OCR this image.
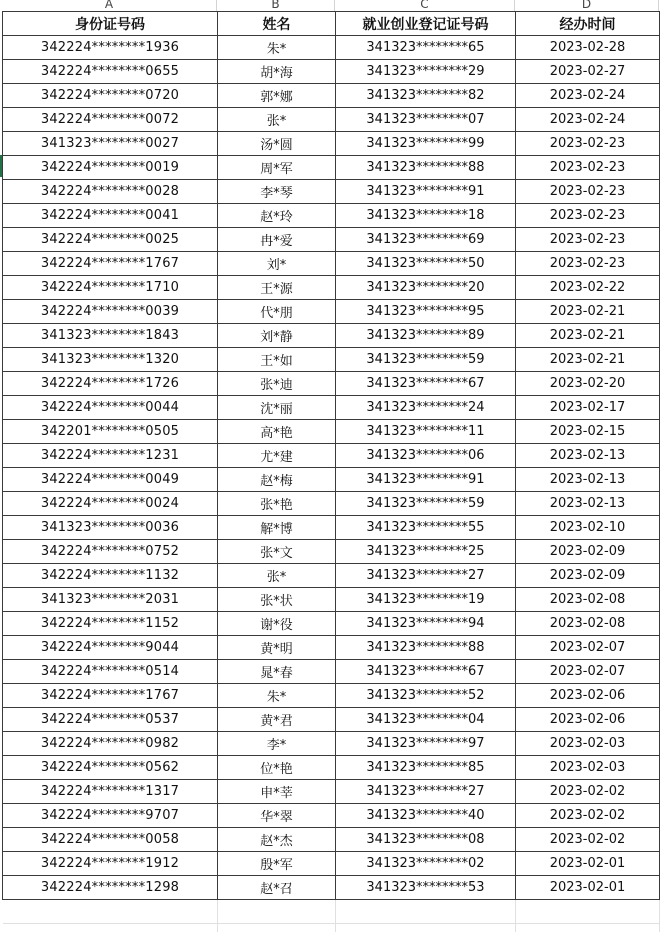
A	B	C	D
身份证号码	姓名	就业创业登记证号码	经办时间
342224********1936	朱*	341323********65	2023-02-28
342224********0655	胡*海	341323********29	2023-02-27
342224********0720	郭*娜	341323********82	2023-02-24
342224********0072	张*	341323********07	2023-02-24
341323********0027	汤*圆	341323********99	2023-02-23
342224********0019	周*军	341323********88	2023-02-23
342224********0028	李*琴	341323********91	2023-02-23
342224********0041	赵*玲	341323********18	2023-02-23
342224********0025	冉*爱	341323********69	2023-02-23
342224********1767	刘*	341323********50	2023-02-23
342224********1710	王*源	341323********20	2023-02-22
342224********0039	代*朋	341323********95	2023-02-21
341323********1843	刘*静	341323********89	2023-02-21
341323********1320	王*如	341323********59	2023-02-21
342224********1726	张*迪	341323********67	2023-02-20
342224********0044	沈*丽	341323********24	2023-02-17
342201********0505	高*艳	341323********11	2023-02-15
342224********1231	尤*建	341323********06	2023-02-13
342224********0049	赵*梅	341323********91	2023-02-13
342224********0024	张*艳	341323********59	2023-02-13
341323********0036	解*博	341323********55	2023-02-10
342224********0752	张*文	341323********25	2023-02-09
342224********1132	张*	341323********27	2023-02-09
341323********2031	张*状	341323********19	2023-02-08
342224********1152	谢*役	341323********94	2023-02-08
342224********9044	黄*明	341323********88	2023-02-07
342224********0514	晁*春	341323********67	2023-02-07
342224********1767	朱*	341323********52	2023-02-06
342224********0537	黄*君	341323********04	2023-02-06
342224********0982	李*	341323********97	2023-02-03
342224********0562	位*艳	341323********85	2023-02-03
342224********1317	申*莘	341323********27	2023-02-02
342224********9707	华*翠	341323********40	2023-02-02
342224********0058	赵*杰	341323********08	2023-02-02
342224********1912	殷*军	341323********02	2023-02-01
342224********1298	赵*召	341323********53	2023-02-01
